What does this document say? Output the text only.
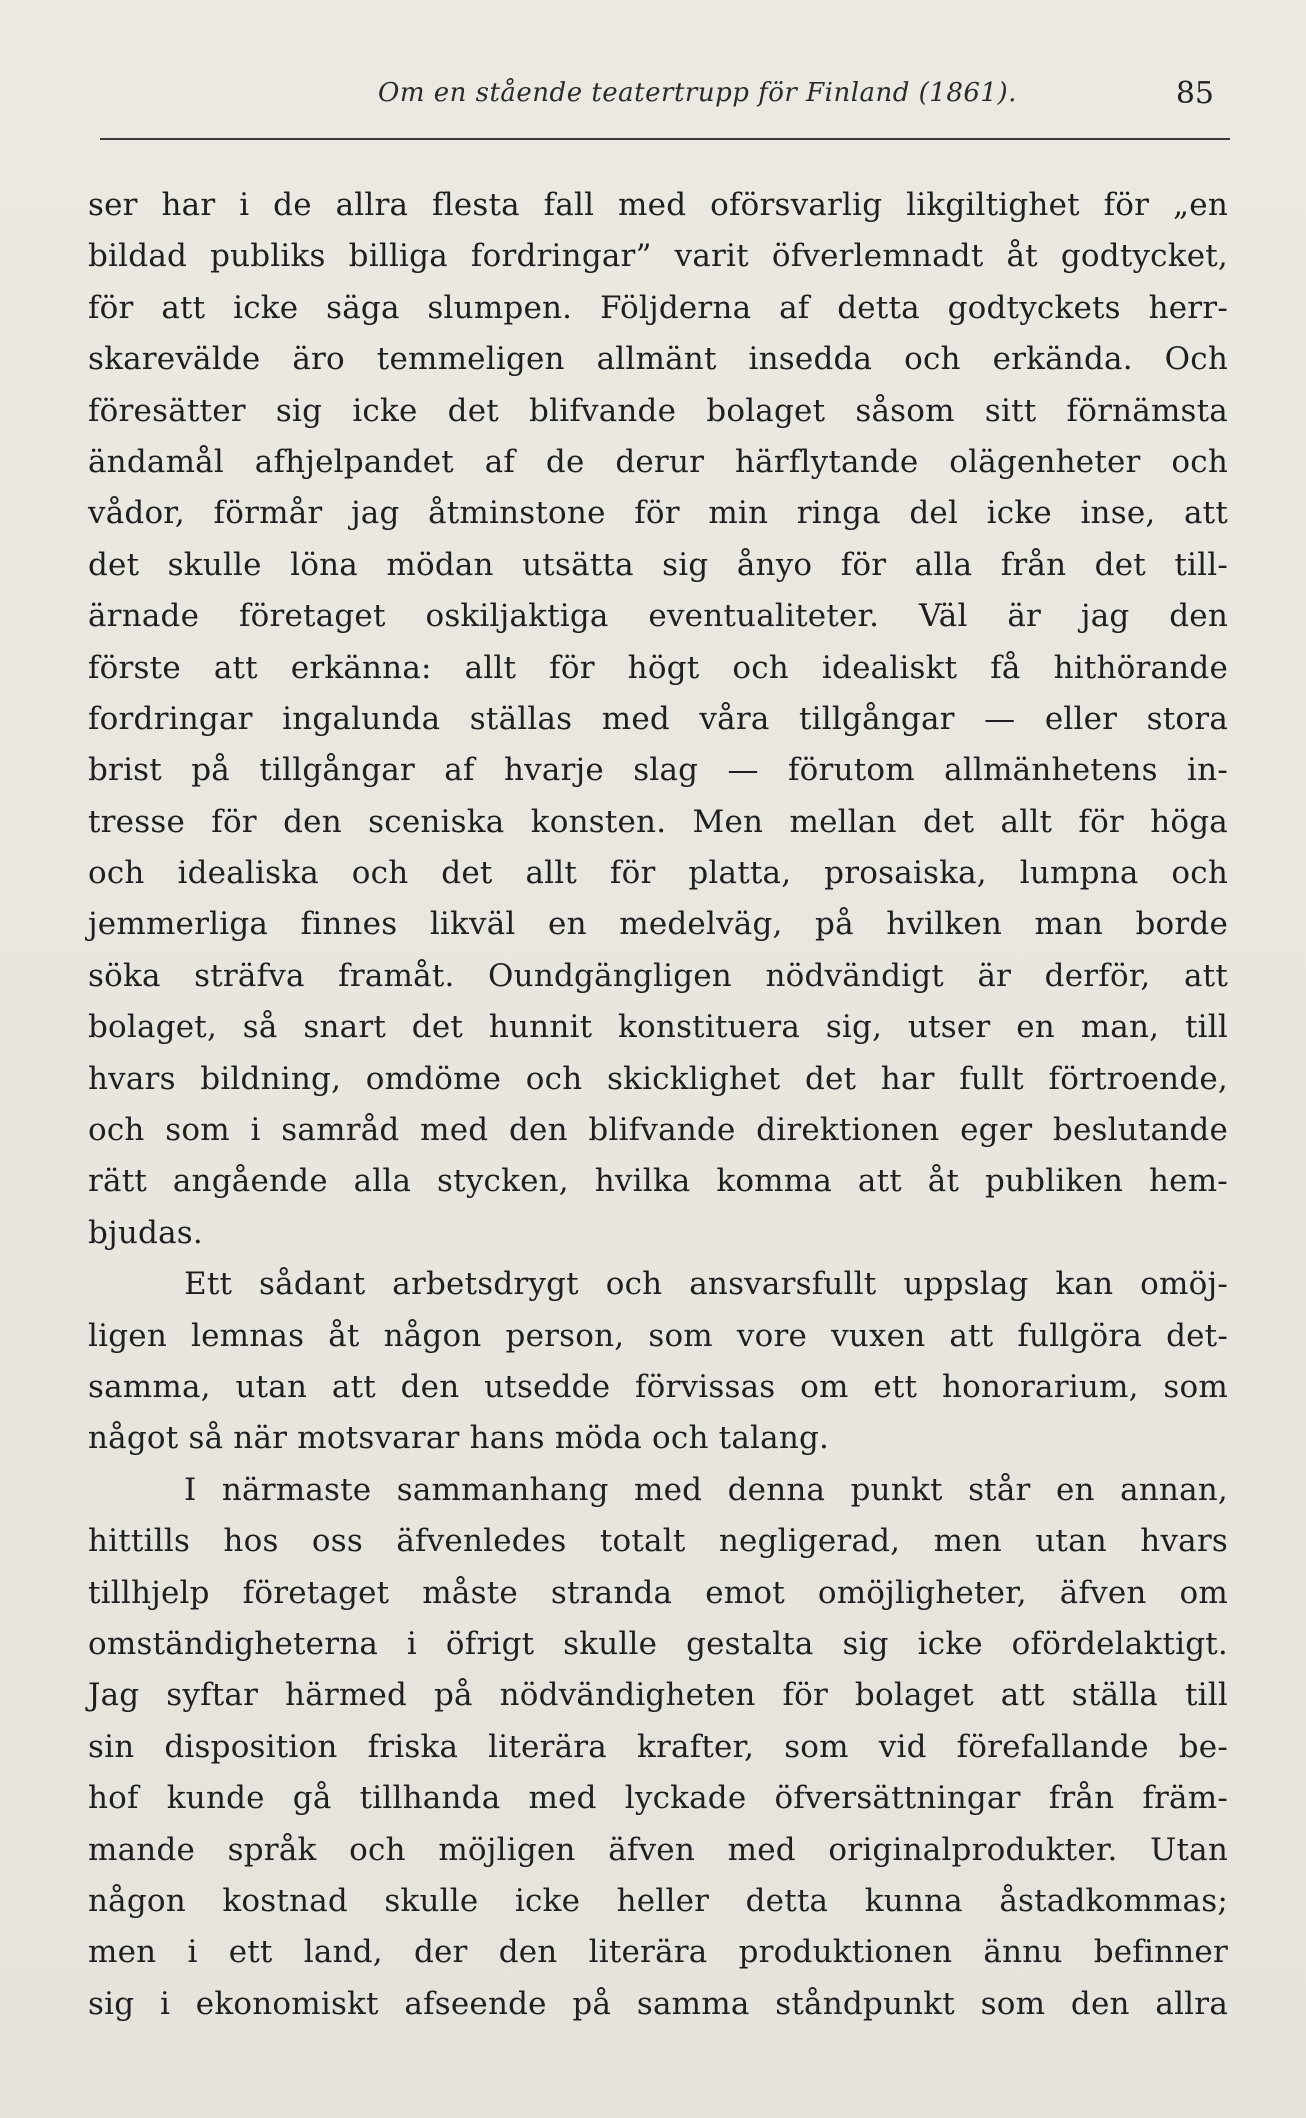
Om en stående teatertrupp för Finland (1861).	85
ser har i de allra flesta fall med oförsvarlig likgiltighet för „en
bildad publiks billiga fordringar” varit öfverlemnadt åt godtycket,
för att icke säga slumpen. Följderna af detta godtyckets herr-
skarevälde äro temmeligen allmänt insedda och erkända. Och
föresätter sig icke det blifvande bolaget såsom sitt förnämsta
ändamål afhjelpandet af de derur härflytande olägenheter och
vådor, förmår jag åtminstone för min ringa del icke inse, att
det skulle löna mödan utsätta sig ånyo för alla från det till-
ärnade företaget oskiljaktiga eventualiteter. Väl är jag den
förste att erkänna: allt för högt och idealiskt få hithörande
fordringar ingalunda ställas med våra tillgångar — eller stora
brist på tillgångar af hvarje slag — förutom allmänhetens in-
tresse för den sceniska konsten. Men mellan det allt för höga
och idealiska och det allt för platta, prosaiska, lumpna och
jemmerliga finnes likväl en medelväg, på hvilken man borde
söka sträfva framåt. Oundgängligen nödvändigt är derför, att
bolaget, så snart det hunnit konstituera sig, utser en man, till
hvars bildning, omdöme och skicklighet det har fullt förtroende,
och som i samråd med den blifvande direktionen eger beslutande
rätt angående alla stycken, hvilka komma att åt publiken hem-
bjudas.
Ett sådant arbetsdrygt och ansvarsfullt uppslag kan omöj-
ligen lemnas åt någon person, som vore vuxen att fullgöra det-
samma, utan att den utsedde förvissas om ett honorarium, som
något så när motsvarar hans möda och talang.
I närmaste sammanhang med denna punkt står en annan,
hittills hos oss äfvenledes totalt negligerad, men utan hvars
tillhjelp företaget måste stranda emot omöjligheter, äfven om
omständigheterna i öfrigt skulle gestalta sig icke ofördelaktigt.
Jag syftar härmed på nödvändigheten för bolaget att ställa till
sin disposition friska literära krafter, som vid förefallande be-
hof kunde gå tillhanda med lyckade öfversättningar från främ-
mande språk och möjligen äfven med originalprodukter. Utan
någon kostnad skulle icke heller detta kunna åstadkommas;
men i ett land, der den literära produktionen ännu befinner
sig i ekonomiskt afseende på samma ståndpunkt som den allra
